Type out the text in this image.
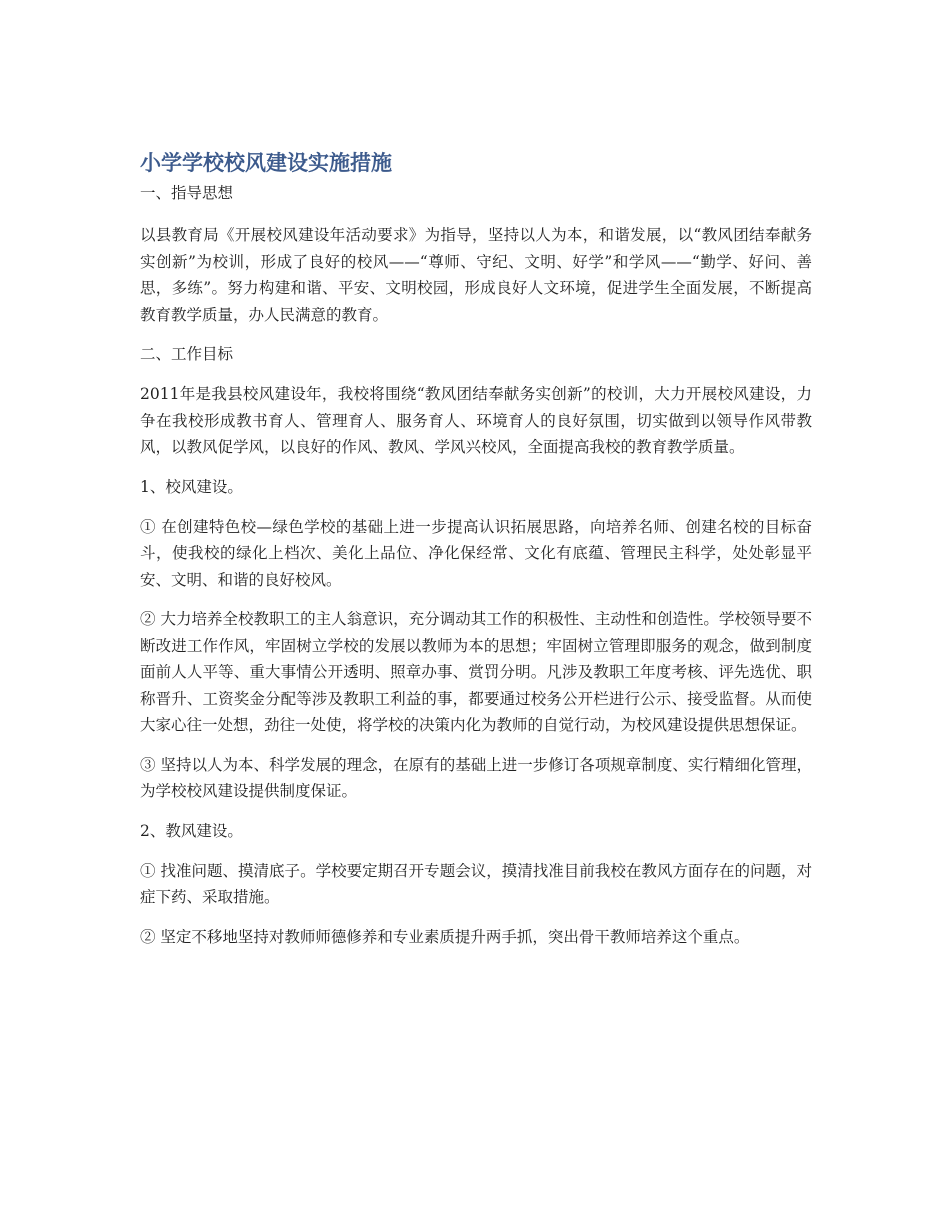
小学学校校风建设实施措施
一、指导思想
以县教育局《开展校风建设年活动要求》为指导，坚持以人为本，和谐发展，以“教风团结奉献务实创新”为校训，形成了良好的校风——“尊师、守纪、文明、好学”和学风——“勤学、好问、善思，多练”。努力构建和谐、平安、文明校园，形成良好人文环境，促进学生全面发展，不断提高教育教学质量，办人民满意的教育。
二、工作目标
2011年是我县校风建设年，我校将围绕“教风团结奉献务实创新”的校训，大力开展校风建设，力争在我校形成教书育人、管理育人、服务育人、环境育人的良好氛围，切实做到以领导作风带教风，以教风促学风，以良好的作风、教风、学风兴校风，全面提高我校的教育教学质量。
1、校风建设。
① 在创建特色校—绿色学校的基础上进一步提高认识拓展思路，向培养名师、创建名校的目标奋斗，使我校的绿化上档次、美化上品位、净化保经常、文化有底蕴、管理民主科学，处处彰显平安、文明、和谐的良好校风。
② 大力培养全校教职工的主人翁意识，充分调动其工作的积极性、主动性和创造性。学校领导要不断改进工作作风，牢固树立学校的发展以教师为本的思想；牢固树立管理即服务的观念，做到制度面前人人平等、重大事情公开透明、照章办事、赏罚分明。凡涉及教职工年度考核、评先选优、职称晋升、工资奖金分配等涉及教职工利益的事，都要通过校务公开栏进行公示、接受监督。从而使大家心往一处想，劲往一处使，将学校的决策内化为教师的自觉行动，为校风建设提供思想保证。
③ 坚持以人为本、科学发展的理念，在原有的基础上进一步修订各项规章制度、实行精细化管理，为学校校风建设提供制度保证。
2、教风建设。
① 找准问题、摸清底子。学校要定期召开专题会议，摸清找准目前我校在教风方面存在的问题，对症下药、采取措施。
② 坚定不移地坚持对教师师德修养和专业素质提升两手抓，突出骨干教师培养这个重点。
